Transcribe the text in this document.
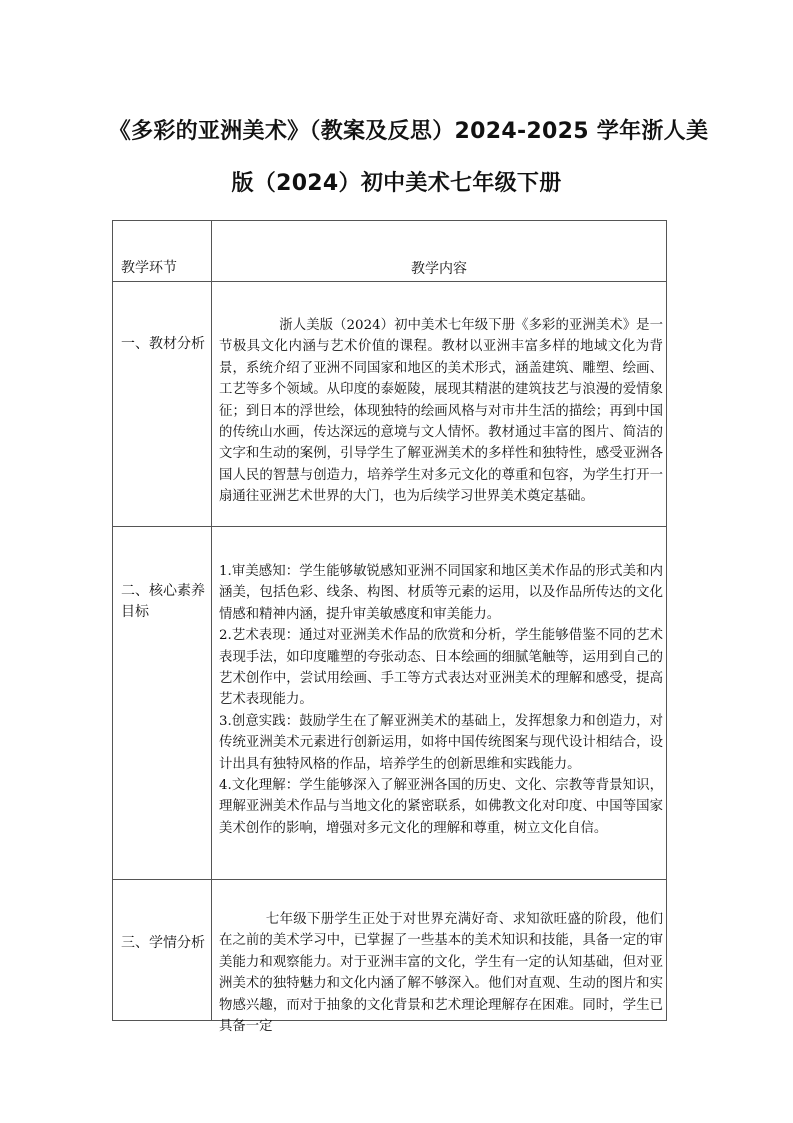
《多彩的亚洲美术》（教案及反思）2024-2025 学年浙人美
版（2024）初中美术七年级下册
教学环节	教学内容
一、教材分析

浙人美版（2024）初中美术七年级下册《多彩的亚洲美术》是一节极具文化内涵与艺术价值的课程。教材以亚洲丰富多样的地域文化为背景，系统介绍了亚洲不同国家和地区的美术形式，涵盖建筑、雕塑、绘画、工艺等多个领域。从印度的泰姬陵，展现其精湛的建筑技艺与浪漫的爱情象征；到日本的浮世绘，体现独特的绘画风格与对市井生活的描绘；再到中国的传统山水画，传达深远的意境与文人情怀。教材通过丰富的图片、简洁的文字和生动的案例，引导学生了解亚洲美术的多样性和独特性，感受亚洲各国人民的智慧与创造力，培养学生对多元文化的尊重和包容，为学生打开一扇通往亚洲艺术世界的大门，也为后续学习世界美术奠定基础。

二、核心素养目标

1.审美感知：学生能够敏锐感知亚洲不同国家和地区美术作品的形式美和内涵美，包括色彩、线条、构图、材质等元素的运用，以及作品所传达的文化情感和精神内涵，提升审美敏感度和审美能力。

2.艺术表现：通过对亚洲美术作品的欣赏和分析，学生能够借鉴不同的艺术表现手法，如印度雕塑的夸张动态、日本绘画的细腻笔触等，运用到自己的艺术创作中，尝试用绘画、手工等方式表达对亚洲美术的理解和感受，提高艺术表现能力。

3.创意实践：鼓励学生在了解亚洲美术的基础上，发挥想象力和创造力，对传统亚洲美术元素进行创新运用，如将中国传统图案与现代设计相结合，设计出具有独特风格的作品，培养学生的创新思维和实践能力。

4.文化理解：学生能够深入了解亚洲各国的历史、文化、宗教等背景知识，理解亚洲美术作品与当地文化的紧密联系，如佛教文化对印度、中国等国家美术创作的影响，增强对多元文化的理解和尊重，树立文化自信。

三、学情分析

七年级下册学生正处于对世界充满好奇、求知欲旺盛的阶段，他们在之前的美术学习中，已掌握了一些基本的美术知识和技能，具备一定的审美能力和观察能力。对于亚洲丰富的文化，学生有一定的认知基础，但对亚洲美术的独特魅力和文化内涵了解不够深入。他们对直观、生动的图片和实物感兴趣，而对于抽象的文化背景和艺术理论理解存在困难。同时，学生已具备一定
